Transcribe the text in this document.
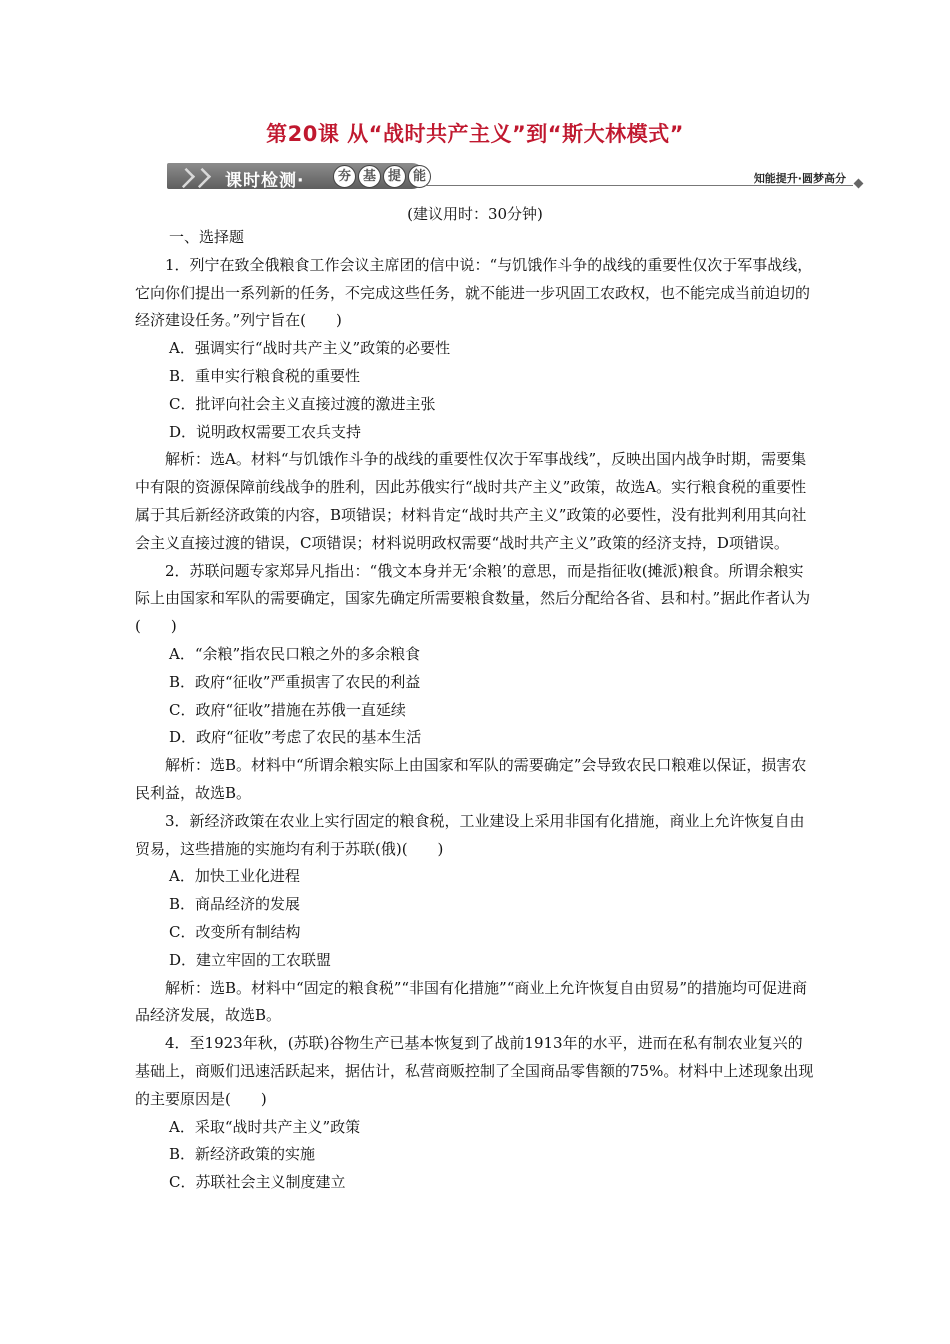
第20课 从“战时共产主义”到“斯大林模式”
课时检测·	夯 基 提 能	知能提升·圆梦高分
(建议用时：30分钟)

一、选择题

1．列宁在致全俄粮食工作会议主席团的信中说：“与饥饿作斗争的战线的重要性仅次于军事战线，它向你们提出一系列新的任务，不完成这些任务，就不能进一步巩固工农政权，也不能完成当前迫切的经济建设任务。”列宁旨在(　　)

A．强调实行“战时共产主义”政策的必要性

B．重申实行粮食税的重要性

C．批评向社会主义直接过渡的激进主张

D．说明政权需要工农兵支持

解析：选A。材料“与饥饿作斗争的战线的重要性仅次于军事战线”，反映出国内战争时期，需要集中有限的资源保障前线战争的胜利，因此苏俄实行“战时共产主义”政策，故选A。实行粮食税的重要性属于其后新经济政策的内容，B项错误；材料肯定“战时共产主义”政策的必要性，没有批判利用其向社会主义直接过渡的错误，C项错误；材料说明政权需要“战时共产主义”政策的经济支持，D项错误。

2．苏联问题专家郑异凡指出：“俄文本身并无‘余粮’的意思，而是指征收(摊派)粮食。所谓余粮实际上由国家和军队的需要确定，国家先确定所需要粮食数量，然后分配给各省、县和村。”据此作者认为(　　)

A．“余粮”指农民口粮之外的多余粮食

B．政府“征收”严重损害了农民的利益

C．政府“征收”措施在苏俄一直延续

D．政府“征收”考虑了农民的基本生活

解析：选B。材料中“所谓余粮实际上由国家和军队的需要确定”会导致农民口粮难以保证，损害农民利益，故选B。

3．新经济政策在农业上实行固定的粮食税，工业建设上采用非国有化措施，商业上允许恢复自由贸易，这些措施的实施均有利于苏联(俄)(　　)

A．加快工业化进程

B．商品经济的发展

C．改变所有制结构

D．建立牢固的工农联盟

解析：选B。材料中“固定的粮食税”“非国有化措施”“商业上允许恢复自由贸易”的措施均可促进商品经济发展，故选B。

4．至1923年秋，(苏联)谷物生产已基本恢复到了战前1913年的水平，进而在私有制农业复兴的基础上，商贩们迅速活跃起来，据估计，私营商贩控制了全国商品零售额的75%。材料中上述现象出现的主要原因是(　　)

A．采取“战时共产主义”政策

B．新经济政策的实施

C．苏联社会主义制度建立
